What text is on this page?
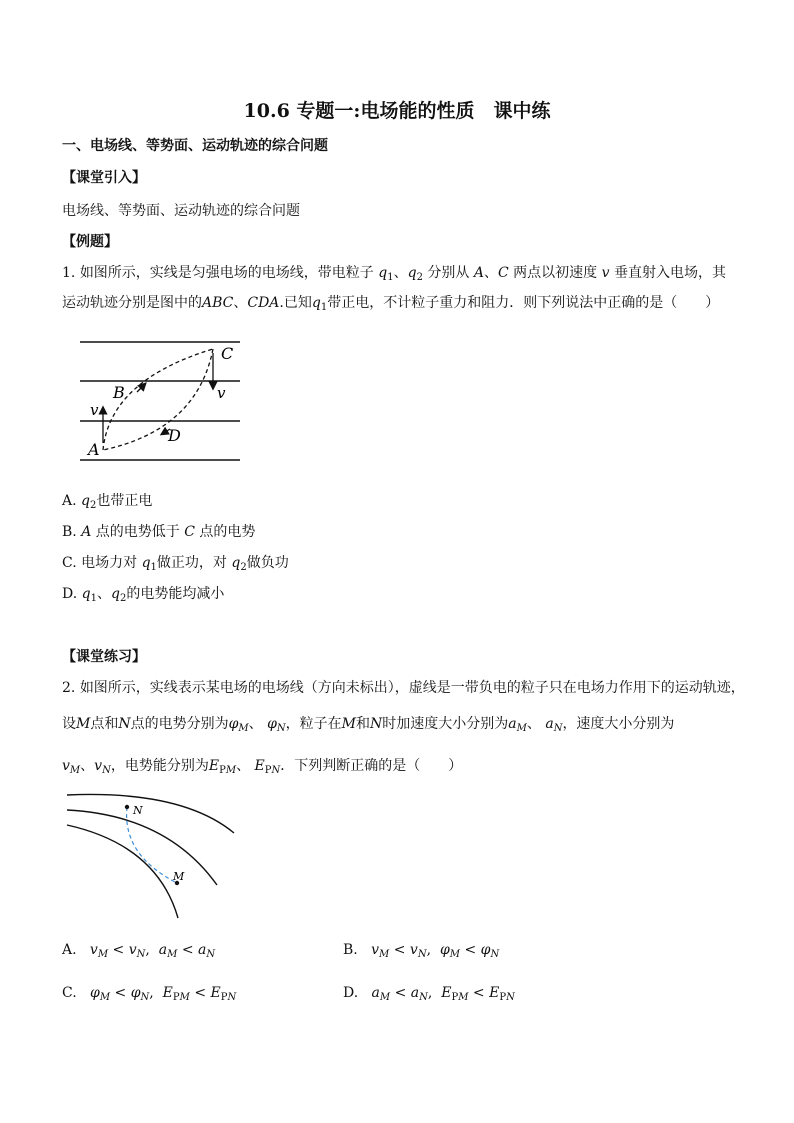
10.6 专题一:电场能的性质　课中练
一、电场线、等势面、运动轨迹的综合问题
【课堂引入】
电场线、等势面、运动轨迹的综合问题
【例题】
1. 如图所示，实线是匀强电场的电场线，带电粒子 $q_1$、$q_2$ 分别从 A、C 两点以初速度 v 垂直射入电场，其
运动轨迹分别是图中的ABC、CDA.已知$q_1$带正电，不计粒子重力和阻力．则下列说法中正确的是（　　）
A
B
C
D
v
v
A. $q_2$也带正电
B. A 点的电势低于 C 点的电势
C. 电场力对 $q_1$做正功，对 $q_2$做负功
D. $q_1$、$q_2$的电势能均减小
【课堂练习】
2. 如图所示，实线表示某电场的电场线（方向未标出），虚线是一带负电的粒子只在电场力作用下的运动轨迹，
设M点和N点的电势分别为$\varphi_M$、 $\varphi_N$，粒子在M和N时加速度大小分别为$a_M$、 $a_N$，速度大小分别为
$v_M$、$v_N$，电势能分别为$E_{PM}$、 $E_{PN}$．下列判断正确的是（　　）
N
M
A. $v_M < v_N$,  $a_M < a_N$	B. $v_M < v_N$,  $\varphi_M < \varphi_N$
C. $\varphi_M < \varphi_N$,  $E_{PM} < E_{PN}$	D. $a_M < a_N$,  $E_{PM} < E_{PN}$
